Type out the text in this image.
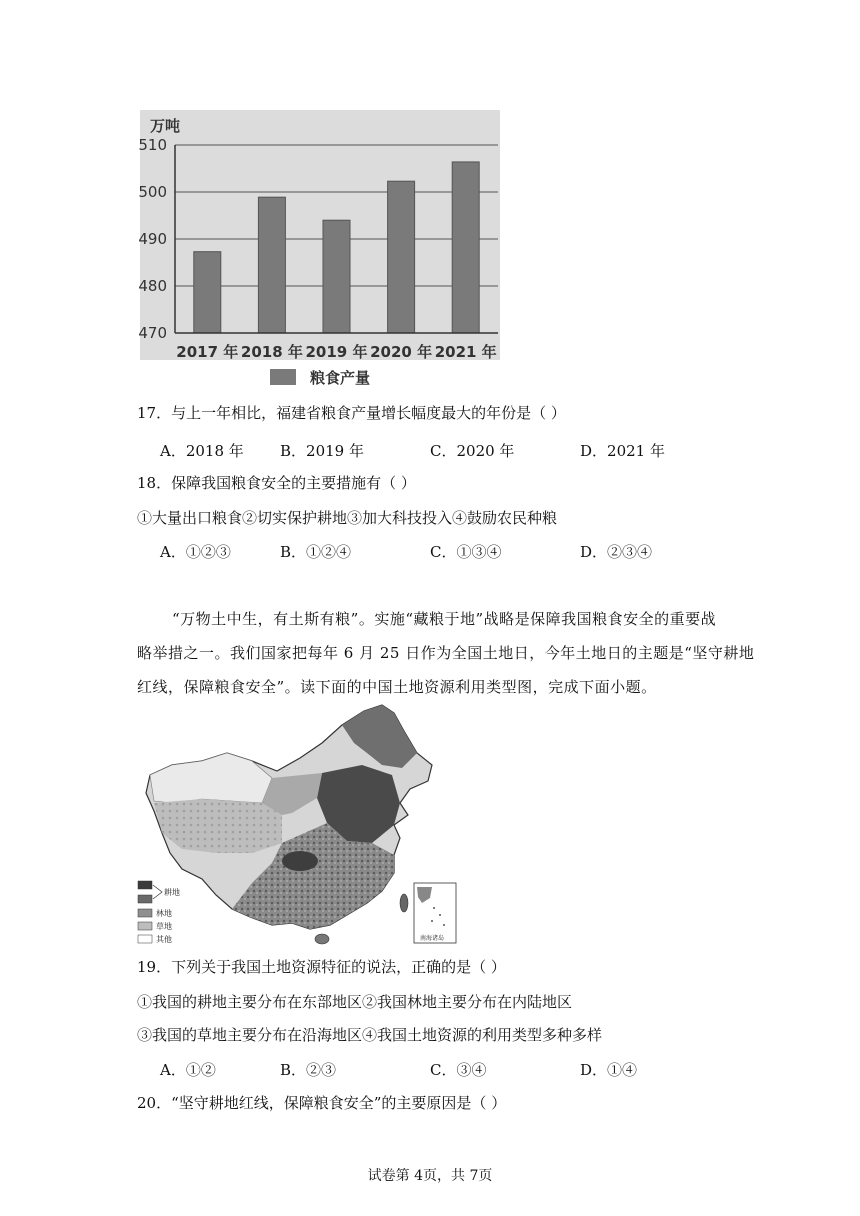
470
480
490
500
510
2017 年 2018 年 2019 年 2020 年 2021 年
万吨
粮食产量
17．与上一年相比，福建省粮食产量增长幅度最大的年份是（ ）
A．2018 年 B．2019 年	C．2020 年	D．2021 年
18．保障我国粮食安全的主要措施有（ ）
①大量出口粮食②切实保护耕地③加大科技投入④鼓励农民种粮
A．①②③	B．①②④	C．①③④	D．②③④
“万物土中生，有土斯有粮”。实施“藏粮于地”战略是保障我国粮食安全的重要战
略举措之一。我们国家把每年 6 月 25 日作为全国土地日，今年土地日的主题是“坚守耕地
红线，保障粮食安全”。读下面的中国土地资源利用类型图，完成下面小题。
耕地
林地
草地
其他	南海诸岛
19．下列关于我国土地资源特征的说法，正确的是（ ）
①我国的耕地主要分布在东部地区②我国林地主要分布在内陆地区
③我国的草地主要分布在沿海地区④我国土地资源的利用类型多种多样
A．①②	B．②③	C．③④	D．①④
20．“坚守耕地红线，保障粮食安全”的主要原因是（ ）
试卷第 4页，共 7页
